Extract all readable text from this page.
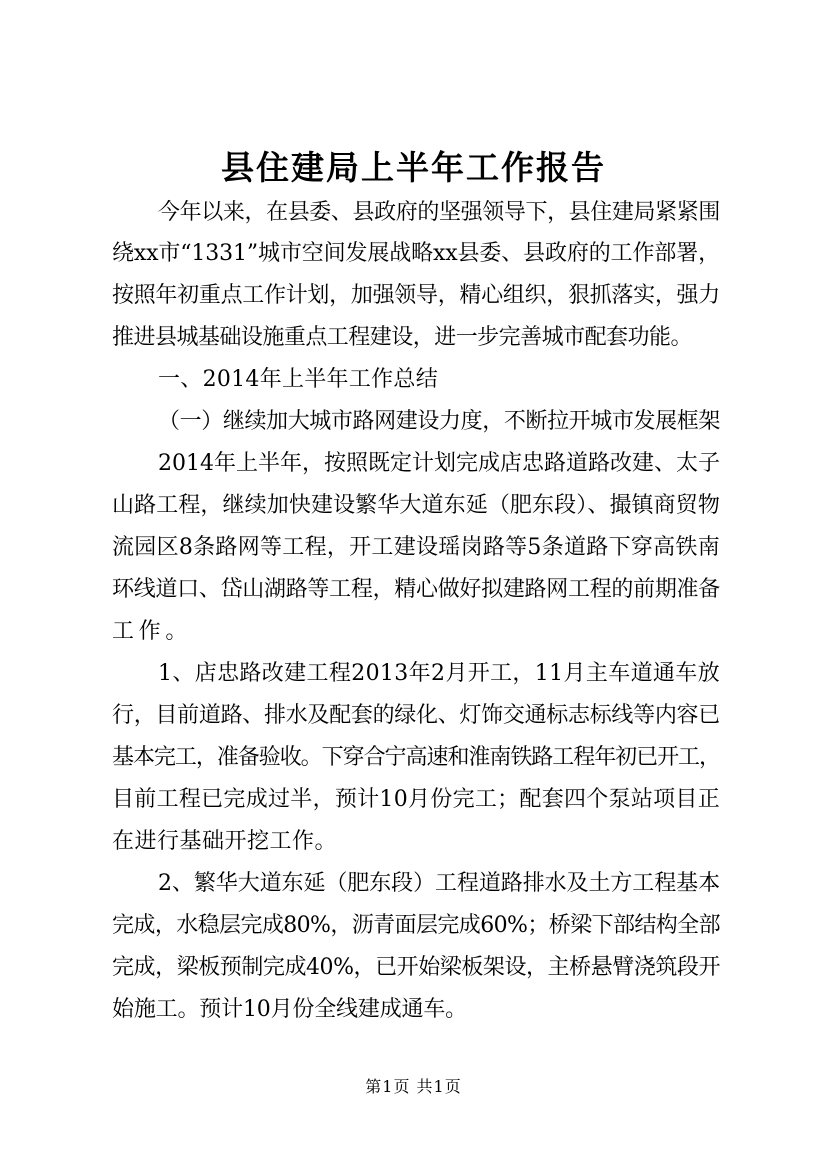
县住建局上半年工作报告
今年以来，在县委、县政府的坚强领导下，县住建局紧紧围
绕xx市“1331”城市空间发展战略xx县委、县政府的工作部署，
按照年初重点工作计划，加强领导，精心组织，狠抓落实，强力
推进县城基础设施重点工程建设，进一步完善城市配套功能。
一、2014年上半年工作总结
（一）继续加大城市路网建设力度，不断拉开城市发展框架
2014年上半年，按照既定计划完成店忠路道路改建、太子
山路工程，继续加快建设繁华大道东延（肥东段）、撮镇商贸物
流园区8条路网等工程，开工建设瑶岗路等5条道路下穿高铁南
环线道口、岱山湖路等工程，精心做好拟建路网工程的前期准备
工作。
1、店忠路改建工程2013年2月开工，11月主车道通车放
行，目前道路、排水及配套的绿化、灯饰交通标志标线等内容已
基本完工，准备验收。下穿合宁高速和淮南铁路工程年初已开工，
目前工程已完成过半，预计10月份完工；配套四个泵站项目正
在进行基础开挖工作。
2、繁华大道东延（肥东段）工程道路排水及土方工程基本
完成，水稳层完成80%，沥青面层完成60%；桥梁下部结构全部
完成，梁板预制完成40%，已开始梁板架设，主桥悬臂浇筑段开
始施工。预计10月份全线建成通车。
第1页 共1页
